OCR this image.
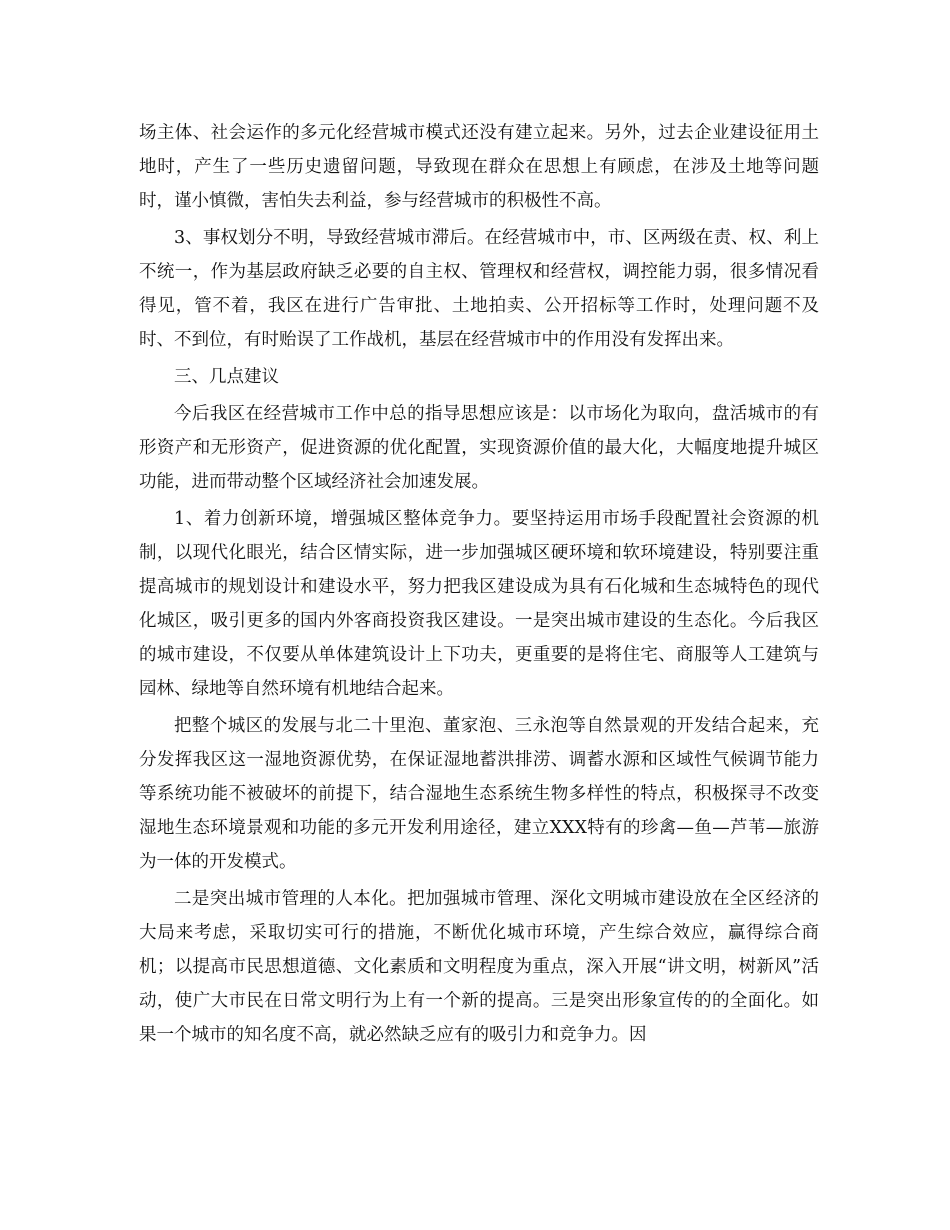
场主体、社会运作的多元化经营城市模式还没有建立起来。另外，过去企业建设征用土地时，产生了一些历史遗留问题，导致现在群众在思想上有顾虑，在涉及土地等问题时，谨小慎微，害怕失去利益，参与经营城市的积极性不高。

3、事权划分不明，导致经营城市滞后。在经营城市中，市、区两级在责、权、利上不统一，作为基层政府缺乏必要的自主权、管理权和经营权，调控能力弱，很多情况看得见，管不着，我区在进行广告审批、土地拍卖、公开招标等工作时，处理问题不及时、不到位，有时贻误了工作战机，基层在经营城市中的作用没有发挥出来。

三、几点建议

今后我区在经营城市工作中总的指导思想应该是：以市场化为取向，盘活城市的有形资产和无形资产，促进资源的优化配置，实现资源价值的最大化，大幅度地提升城区功能，进而带动整个区域经济社会加速发展。

1、着力创新环境，增强城区整体竞争力。要坚持运用市场手段配置社会资源的机制，以现代化眼光，结合区情实际，进一步加强城区硬环境和软环境建设，特别要注重提高城市的规划设计和建设水平，努力把我区建设成为具有石化城和生态城特色的现代化城区，吸引更多的国内外客商投资我区建设。一是突出城市建设的生态化。今后我区的城市建设，不仅要从单体建筑设计上下功夫，更重要的是将住宅、商服等人工建筑与园林、绿地等自然环境有机地结合起来。

把整个城区的发展与北二十里泡、董家泡、三永泡等自然景观的开发结合起来，充分发挥我区这一湿地资源优势，在保证湿地蓄洪排涝、调蓄水源和区域性气候调节能力等系统功能不被破坏的前提下，结合湿地生态系统生物多样性的特点，积极探寻不改变湿地生态环境景观和功能的多元开发利用途径，建立XXX特有的珍禽—鱼—芦苇—旅游为一体的开发模式。

二是突出城市管理的人本化。把加强城市管理、深化文明城市建设放在全区经济的大局来考虑，采取切实可行的措施，不断优化城市环境，产生综合效应，赢得综合商机；以提高市民思想道德、文化素质和文明程度为重点，深入开展“讲文明，树新风”活动，使广大市民在日常文明行为上有一个新的提高。三是突出形象宣传的的全面化。如果一个城市的知名度不高，就必然缺乏应有的吸引力和竞争力。因
